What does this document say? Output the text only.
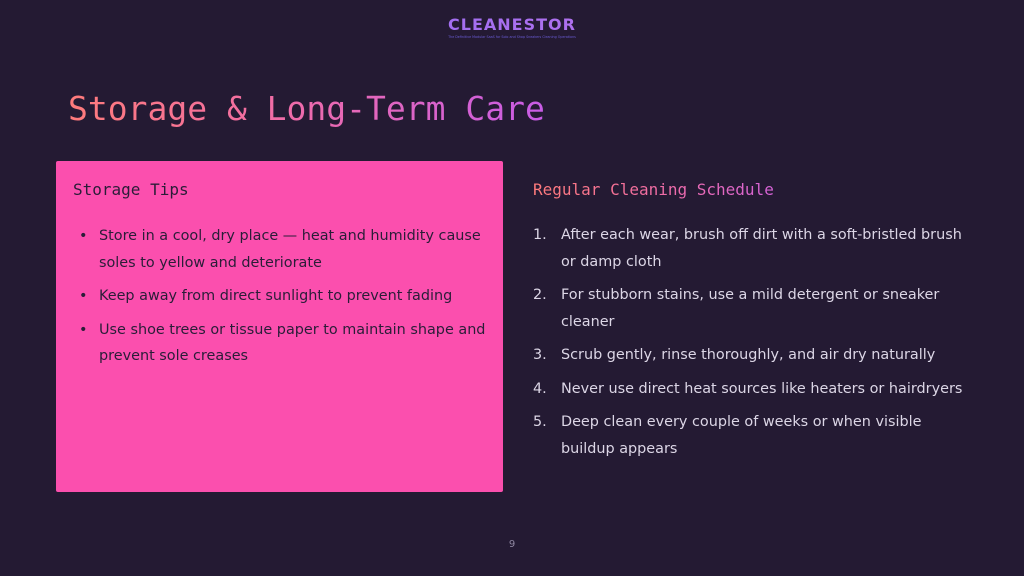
CLEANESTOR
The Definitive Modular SaaS for Solo and Shop Sneakers Cleaning Operations
Storage & Long-Term Care
Storage Tips
• Store in a cool, dry place — heat and humidity cause soles to yellow and deteriorate
• Keep away from direct sunlight to prevent fading
• Use shoe trees or tissue paper to maintain shape and prevent sole creases
Regular Cleaning Schedule
1. After each wear, brush off dirt with a soft-bristled brush or damp cloth
2. For stubborn stains, use a mild detergent or sneaker cleaner
3. Scrub gently, rinse thoroughly, and air dry naturally
4. Never use direct heat sources like heaters or hairdryers
5. Deep clean every couple of weeks or when visible buildup appears
9
